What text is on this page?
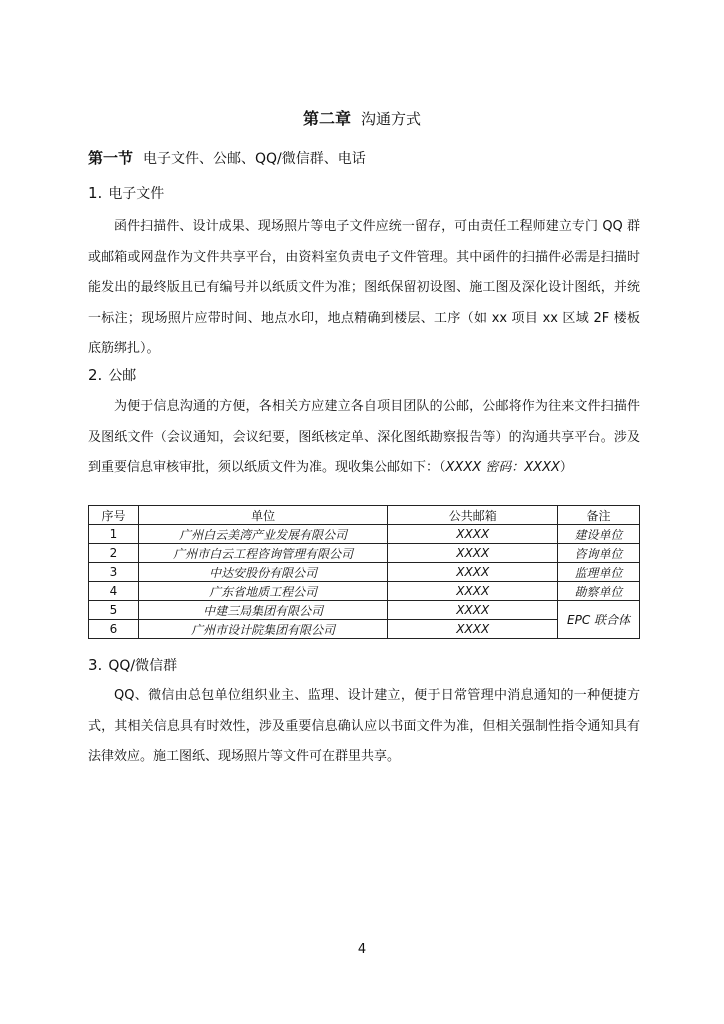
第二章 沟通方式
第一节 电子文件、公邮、QQ/微信群、电话
1. 电子文件

函件扫描件、设计成果、现场照片等电子文件应统一留存，可由责任工程师建立专门 QQ 群或邮箱或网盘作为文件共享平台，由资料室负责电子文件管理。其中函件的扫描件必需是扫描时能发出的最终版且已有编号并以纸质文件为准；图纸保留初设图、施工图及深化设计图纸，并统一标注；现场照片应带时间、地点水印，地点精确到楼层、工序（如 xx 项目 xx 区域 2F 楼板底筋绑扎）。

2. 公邮

为便于信息沟通的方便，各相关方应建立各自项目团队的公邮，公邮将作为往来文件扫描件及图纸文件（会议通知，会议纪要，图纸核定单、深化图纸勘察报告等）的沟通共享平台。涉及到重要信息审核审批，须以纸质文件为准。现收集公邮如下：（XXXX 密码：XXXX）

序号	单位	公共邮箱	备注
1	广州白云美湾产业发展有限公司	XXXX	建设单位
2	广州市白云工程咨询管理有限公司	XXXX	咨询单位
3	中达安股份有限公司	XXXX	监理单位
4	广东省地质工程公司	XXXX	勘察单位
5	中建三局集团有限公司	XXXX	EPC 联合体
6	广州市设计院集团有限公司	XXXX	
3. QQ/微信群

QQ、微信由总包单位组织业主、监理、设计建立，便于日常管理中消息通知的一种便捷方式，其相关信息具有时效性，涉及重要信息确认应以书面文件为准，但相关强制性指令通知具有法律效应。施工图纸、现场照片等文件可在群里共享。

4
